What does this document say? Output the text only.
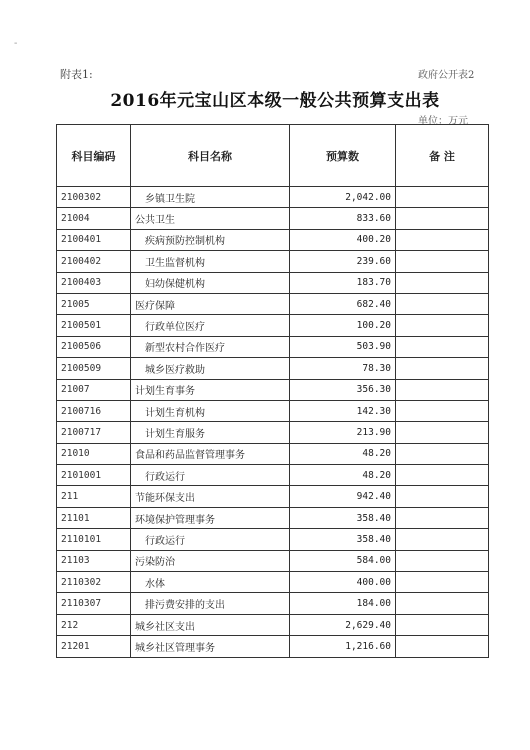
-
附表1:	政府公开表2
2016年元宝山区本级一般公共预算支出表
单位：万元
科目编码	科目名称	预算数	备 注
2100302	乡镇卫生院	2,042.00	
21004	公共卫生	833.60	
2100401	疾病预防控制机构	400.20	
2100402	卫生监督机构	239.60	
2100403	妇幼保健机构	183.70	
21005	医疗保障	682.40	
2100501	行政单位医疗	100.20	
2100506	新型农村合作医疗	503.90	
2100509	城乡医疗救助	78.30	
21007	计划生育事务	356.30	
2100716	计划生育机构	142.30	
2100717	计划生育服务	213.90	
21010	食品和药品监督管理事务	48.20	
2101001	行政运行	48.20	
211	节能环保支出	942.40	
21101	环境保护管理事务	358.40	
2110101	行政运行	358.40	
21103	污染防治	584.00	
2110302	水体	400.00	
2110307	排污费安排的支出	184.00	
212	城乡社区支出	2,629.40	
21201	城乡社区管理事务	1,216.60	
